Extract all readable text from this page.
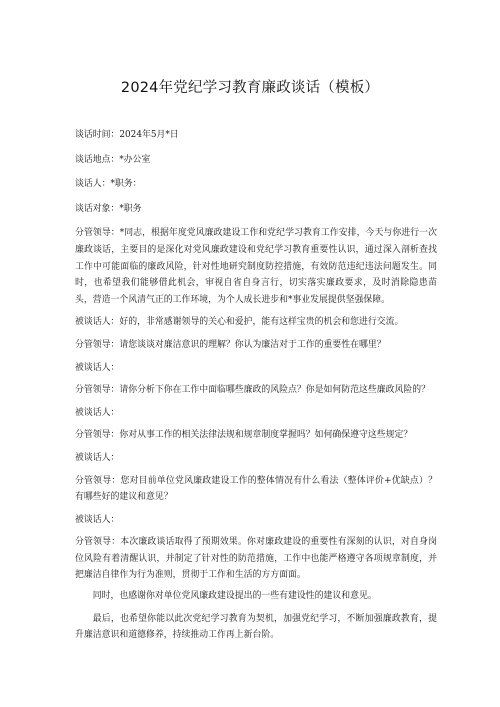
2024年党纪学习教育廉政谈话（模板）

谈话时间：2024年5月*日

谈话地点：*办公室

谈话人：*职务：

谈话对象：*职务

分管领导：*同志，根据年度党风廉政建设工作和党纪学习教育工作安排，今天与你进行一次廉政谈话，主要目的是深化对党风廉政建设和党纪学习教育重要性认识，通过深入剖析查找工作中可能面临的廉政风险，针对性地研究制度防控措施，有效防范违纪违法问题发生。同时，也希望我们能够借此机会，审视自省自身言行，切实落实廉政要求，及时消除隐患苗头，营造一个风清气正的工作环境，为个人成长进步和*事业发展提供坚强保障。

被谈话人：好的，非常感谢领导的关心和爱护，能有这样宝贵的机会和您进行交流。

分管领导：请您谈谈对廉洁意识的理解？你认为廉洁对于工作的重要性在哪里？

被谈话人：

分管领导：请你分析下你在工作中面临哪些廉政的风险点？你是如何防范这些廉政风险的？

被谈话人：

分管领导：你对从事工作的相关法律法规和规章制度掌握吗？如何确保遵守这些规定？

被谈话人：

分管领导：您对目前单位党风廉政建设工作的整体情况有什么看法（整体评价+优缺点）？有哪些好的建议和意见？

被谈话人：

分管领导：本次廉政谈话取得了预期效果。你对廉政建设的重要性有深刻的认识，对自身岗位风险有着清醒认识，并制定了针对性的防范措施，工作中也能严格遵守各项规章制度，并把廉洁自律作为行为准则，贯彻于工作和生活的方方面面。

同时，也感谢你对单位党风廉政建设提出的一些有建设性的建议和意见。

最后，也希望你能以此次党纪学习教育为契机，加强党纪学习，不断加强廉政教育，提升廉洁意识和道德修养，持续推动工作再上新台阶。
